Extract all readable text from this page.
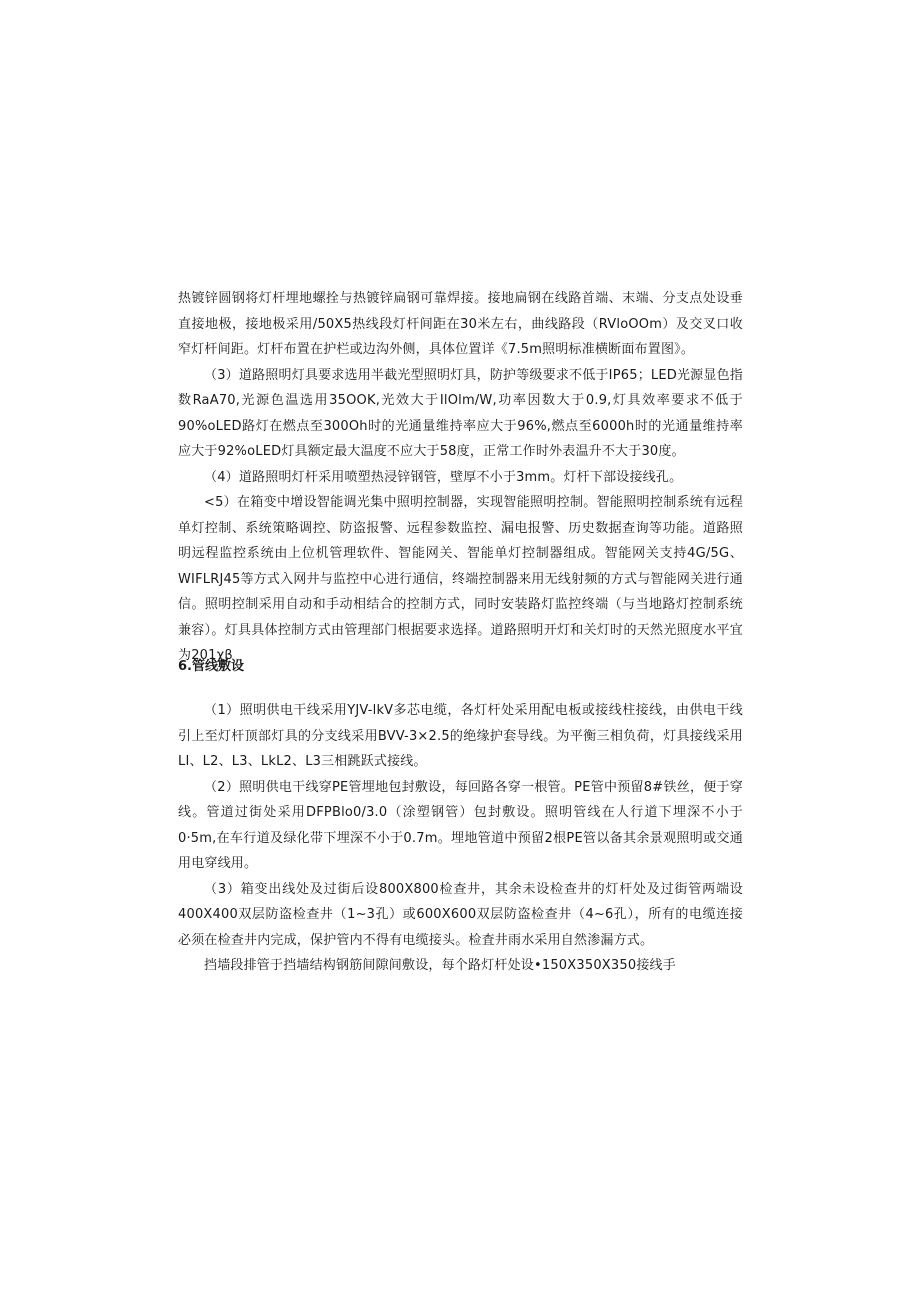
热镀锌圆钢将灯杆埋地螺拴与热镀锌扁钢可靠焊接。接地扁钢在线路首端、末端、分支点处设垂直接地极，接地极采用/50X5热线段灯杆间距在30米左右，曲线路段（RVloOOm）及交叉口收窄灯杆间距。灯杆布置在护栏或边沟外侧，具体位置详《7.5m照明标准横断面布置图》。

（3）道路照明灯具要求选用半截光型照明灯具，防护等级要求不低于IP65；LED光源显色指数RaA70,光源色温选用35OOK,光效大于IlOlm/W,功率因数大于0.9,灯具效率要求不低于90%oLED路灯在燃点至300Oh时的光通量维持率应大于96%,燃点至6000h时的光通量维持率应大于92%oLED灯具额定最大温度不应大于58度，正常工作时外表温升不大于30度。

（4）道路照明灯杆采用喷塑热浸锌钢管，壁厚不小于3mm。灯杆下部设接线孔。

<5）在箱变中增设智能调光集中照明控制器，实现智能照明控制。智能照明控制系统有远程单灯控制、系统策略调控、防盗报警、远程参数监控、漏电报警、历史数据查询等功能。道路照明远程监控系统由上位机管理软件、智能网关、智能单灯控制器组成。智能网关支持4G/5G、WIFLRJ45等方式入网井与监控中心进行通信，终端控制器来用无线射频的方式与智能网关进行通信。照明控制采用自动和手动相结合的控制方式，同时安装路灯监控终端（与当地路灯控制系统兼容）。灯具具体控制方式由管理部门根据要求选择。道路照明开灯和关灯时的天然光照度水平宜为201χβ

6.管线敷设

（1）照明供电干线采用YJV-lkV多芯电缆，各灯杆处采用配电板或接线柱接线，由供电干线引上至灯杆顶部灯具的分支线采用BVV-3×2.5的绝缘护套导线。为平衡三相负荷，灯具接线采用LI、L2、L3、LkL2、L3三相跳跃式接线。

（2）照明供电干线穿PE管埋地包封敷设，每回路各穿一根管。PE管中预留8#铁丝，便于穿线。管道过街处采用DFPBlo0/3.0（涂塑钢管）包封敷设。照明管线在人行道下埋深不小于0·5m,在车行道及绿化带下埋深不小于0.7m。埋地管道中预留2根PE管以备其余景观照明或交通用电穿线用。

（3）箱变出线处及过街后设800X800检查井，其余未设检查井的灯杆处及过街管两端设400X400双层防盗检查井（1~3孔）或600X600双层防盗检查井（4~6孔），所有的电缆连接必须在检查井内完成，保护管内不得有电缆接头。检査井雨水采用自然渗漏方式。

挡墙段排管于挡墙结构钢筋间隙间敷设，每个路灯杆处设•150X350X350接线手
